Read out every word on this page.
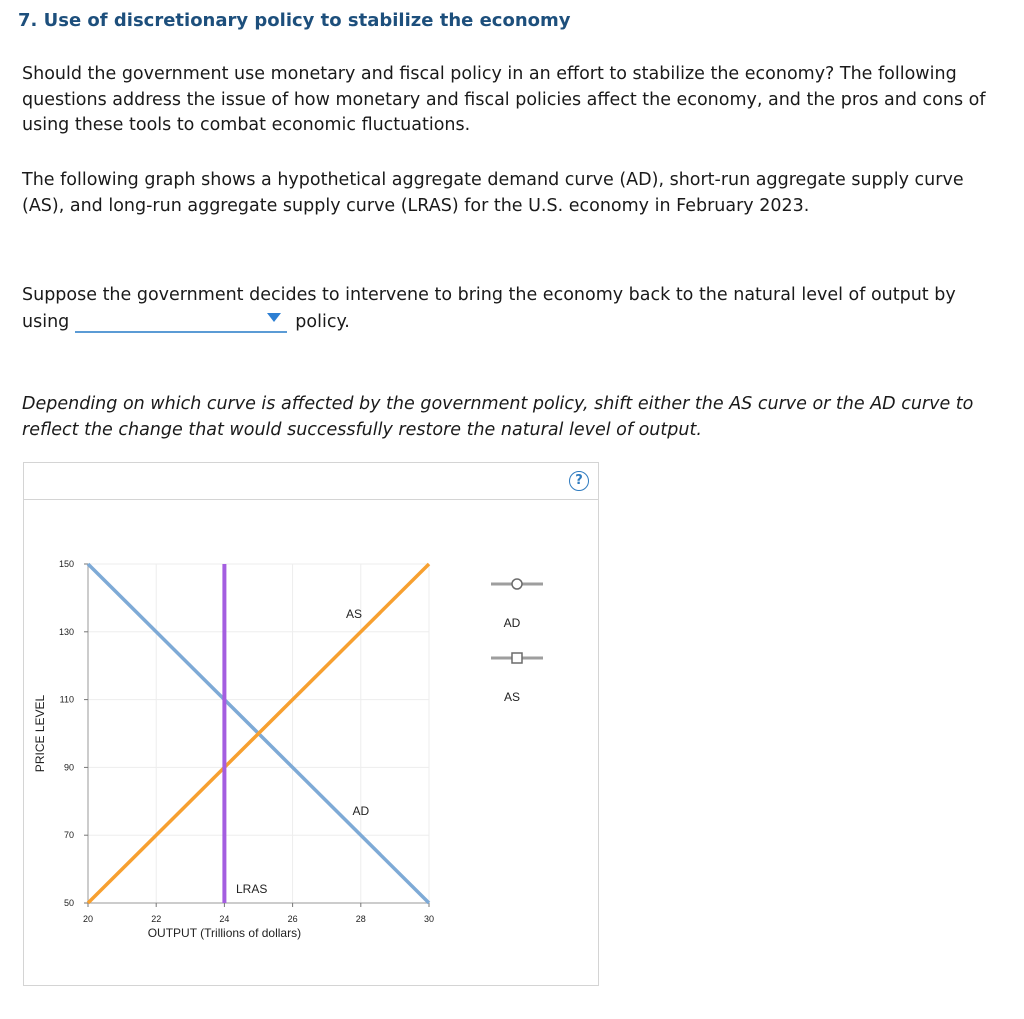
7. Use of discretionary policy to stabilize the economy

Should the government use monetary and fiscal policy in an effort to stabilize the economy? The following questions address the issue of how monetary and fiscal policies affect the economy, and the pros and cons of using these tools to combat economic fluctuations.

The following graph shows a hypothetical aggregate demand curve (AD), short-run aggregate supply curve (AS), and long-run aggregate supply curve (LRAS) for the U.S. economy in February 2023.

Suppose the government decides to intervene to bring the economy back to the natural level of output by using	policy.

Depending on which curve is affected by the government policy, shift either the AS curve or the AD curve to reflect the change that would successfully restore the natural level of output.

?
50
70
90
110
130
150
20	22	24	26	28	30
OUTPUT (Trillions of dollars)
PRICE LEVEL
AD
AS
LRAS
AD
AS
